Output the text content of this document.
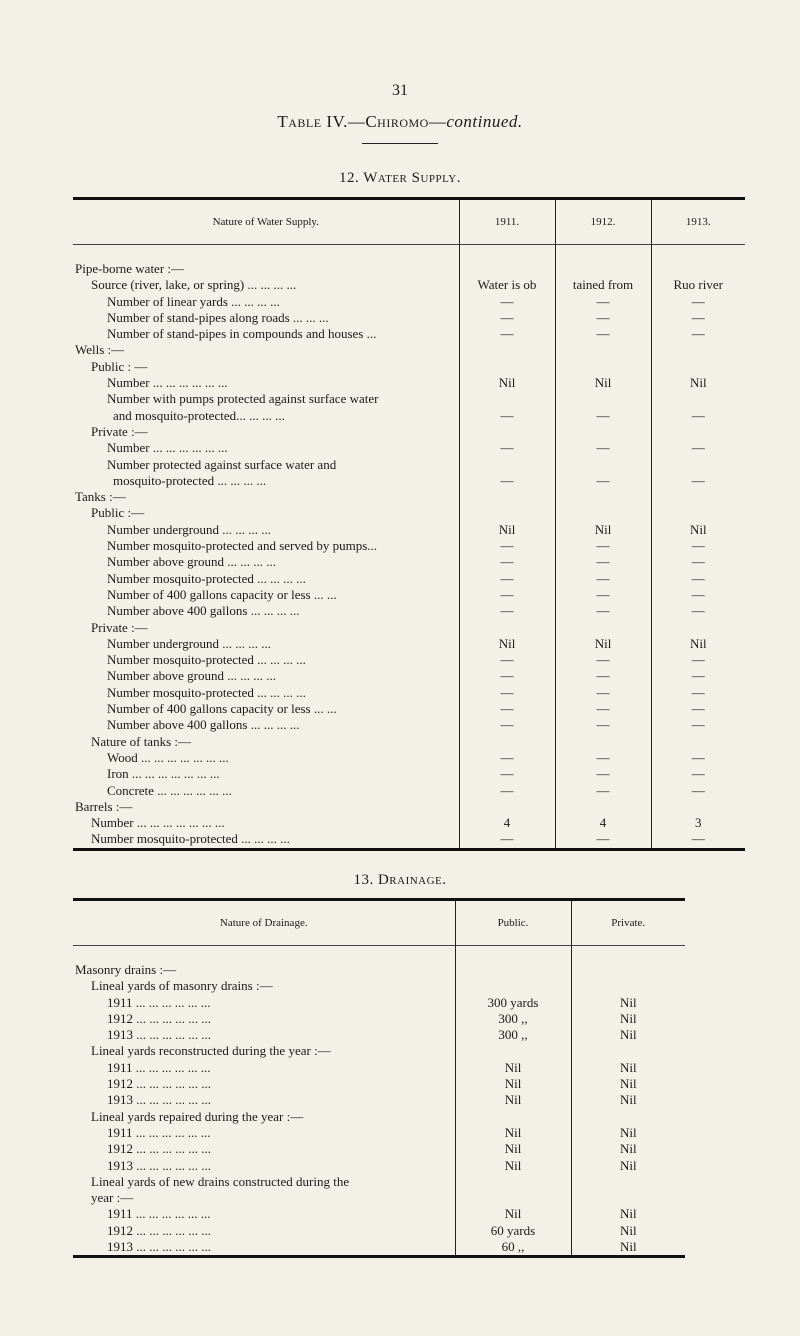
31
Table IV.—Chiromo—continued.
12. Water Supply.
Nature of Water Supply.	1911.	1912.	1913.

Pipe-borne water :—			
Source (river, lake, or spring) ... ... ... ...	Water is ob	tained from	Ruo river
Number of linear yards ... ... ... ...	—	—	—
Number of stand-pipes along roads ... ... ...	—	—	—
Number of stand-pipes in compounds and houses ...	—	—	—
Wells :—			
Public : —			
Number ... ... ... ... ... ...	Nil	Nil	Nil
Number with pumps protected against surface water			
and mosquito-protected... ... ... ...	—	—	—
Private :—			
Number ... ... ... ... ... ...	—	—	—
Number protected against surface water and			
mosquito-protected ... ... ... ...	—	—	—
Tanks :—			
Public :—			
Number underground ... ... ... ...	Nil	Nil	Nil
Number mosquito-protected and served by pumps...	—	—	—
Number above ground ... ... ... ...	—	—	—
Number mosquito-protected ... ... ... ...	—	—	—
Number of 400 gallons capacity or less ... ...	—	—	—
Number above 400 gallons ... ... ... ...	—	—	—
Private :—			
Number underground ... ... ... ...	Nil	Nil	Nil
Number mosquito-protected ... ... ... ...	—	—	—
Number above ground ... ... ... ...	—	—	—
Number mosquito-protected ... ... ... ...	—	—	—
Number of 400 gallons capacity or less ... ...	—	—	—
Number above 400 gallons ... ... ... ...	—	—	—
Nature of tanks :—			
Wood ... ... ... ... ... ... ...	—	—	—
Iron ... ... ... ... ... ... ...	—	—	—
Concrete ... ... ... ... ... ...	—	—	—
Barrels :—			
Number ... ... ... ... ... ... ...	4	4	3
Number mosquito-protected ... ... ... ...	—	—	—
13. Drainage.
Nature of Drainage.	Public.	Private.

Masonry drains :—		
Lineal yards of masonry drains :—		
1911 ... ... ... ... ... ...	300 yards	Nil
1912 ... ... ... ... ... ...	300 ,,	Nil
1913 ... ... ... ... ... ...	300 ,,	Nil
Lineal yards reconstructed during the year :—		
1911 ... ... ... ... ... ...	Nil	Nil
1912 ... ... ... ... ... ...	Nil	Nil
1913 ... ... ... ... ... ...	Nil	Nil
Lineal yards repaired during the year :—		
1911 ... ... ... ... ... ...	Nil	Nil
1912 ... ... ... ... ... ...	Nil	Nil
1913 ... ... ... ... ... ...	Nil	Nil
Lineal yards of new drains constructed during the		
year :—		
1911 ... ... ... ... ... ...	Nil	Nil
1912 ... ... ... ... ... ...	60 yards	Nil
1913 ... ... ... ... ... ...	60 ,,	Nil
